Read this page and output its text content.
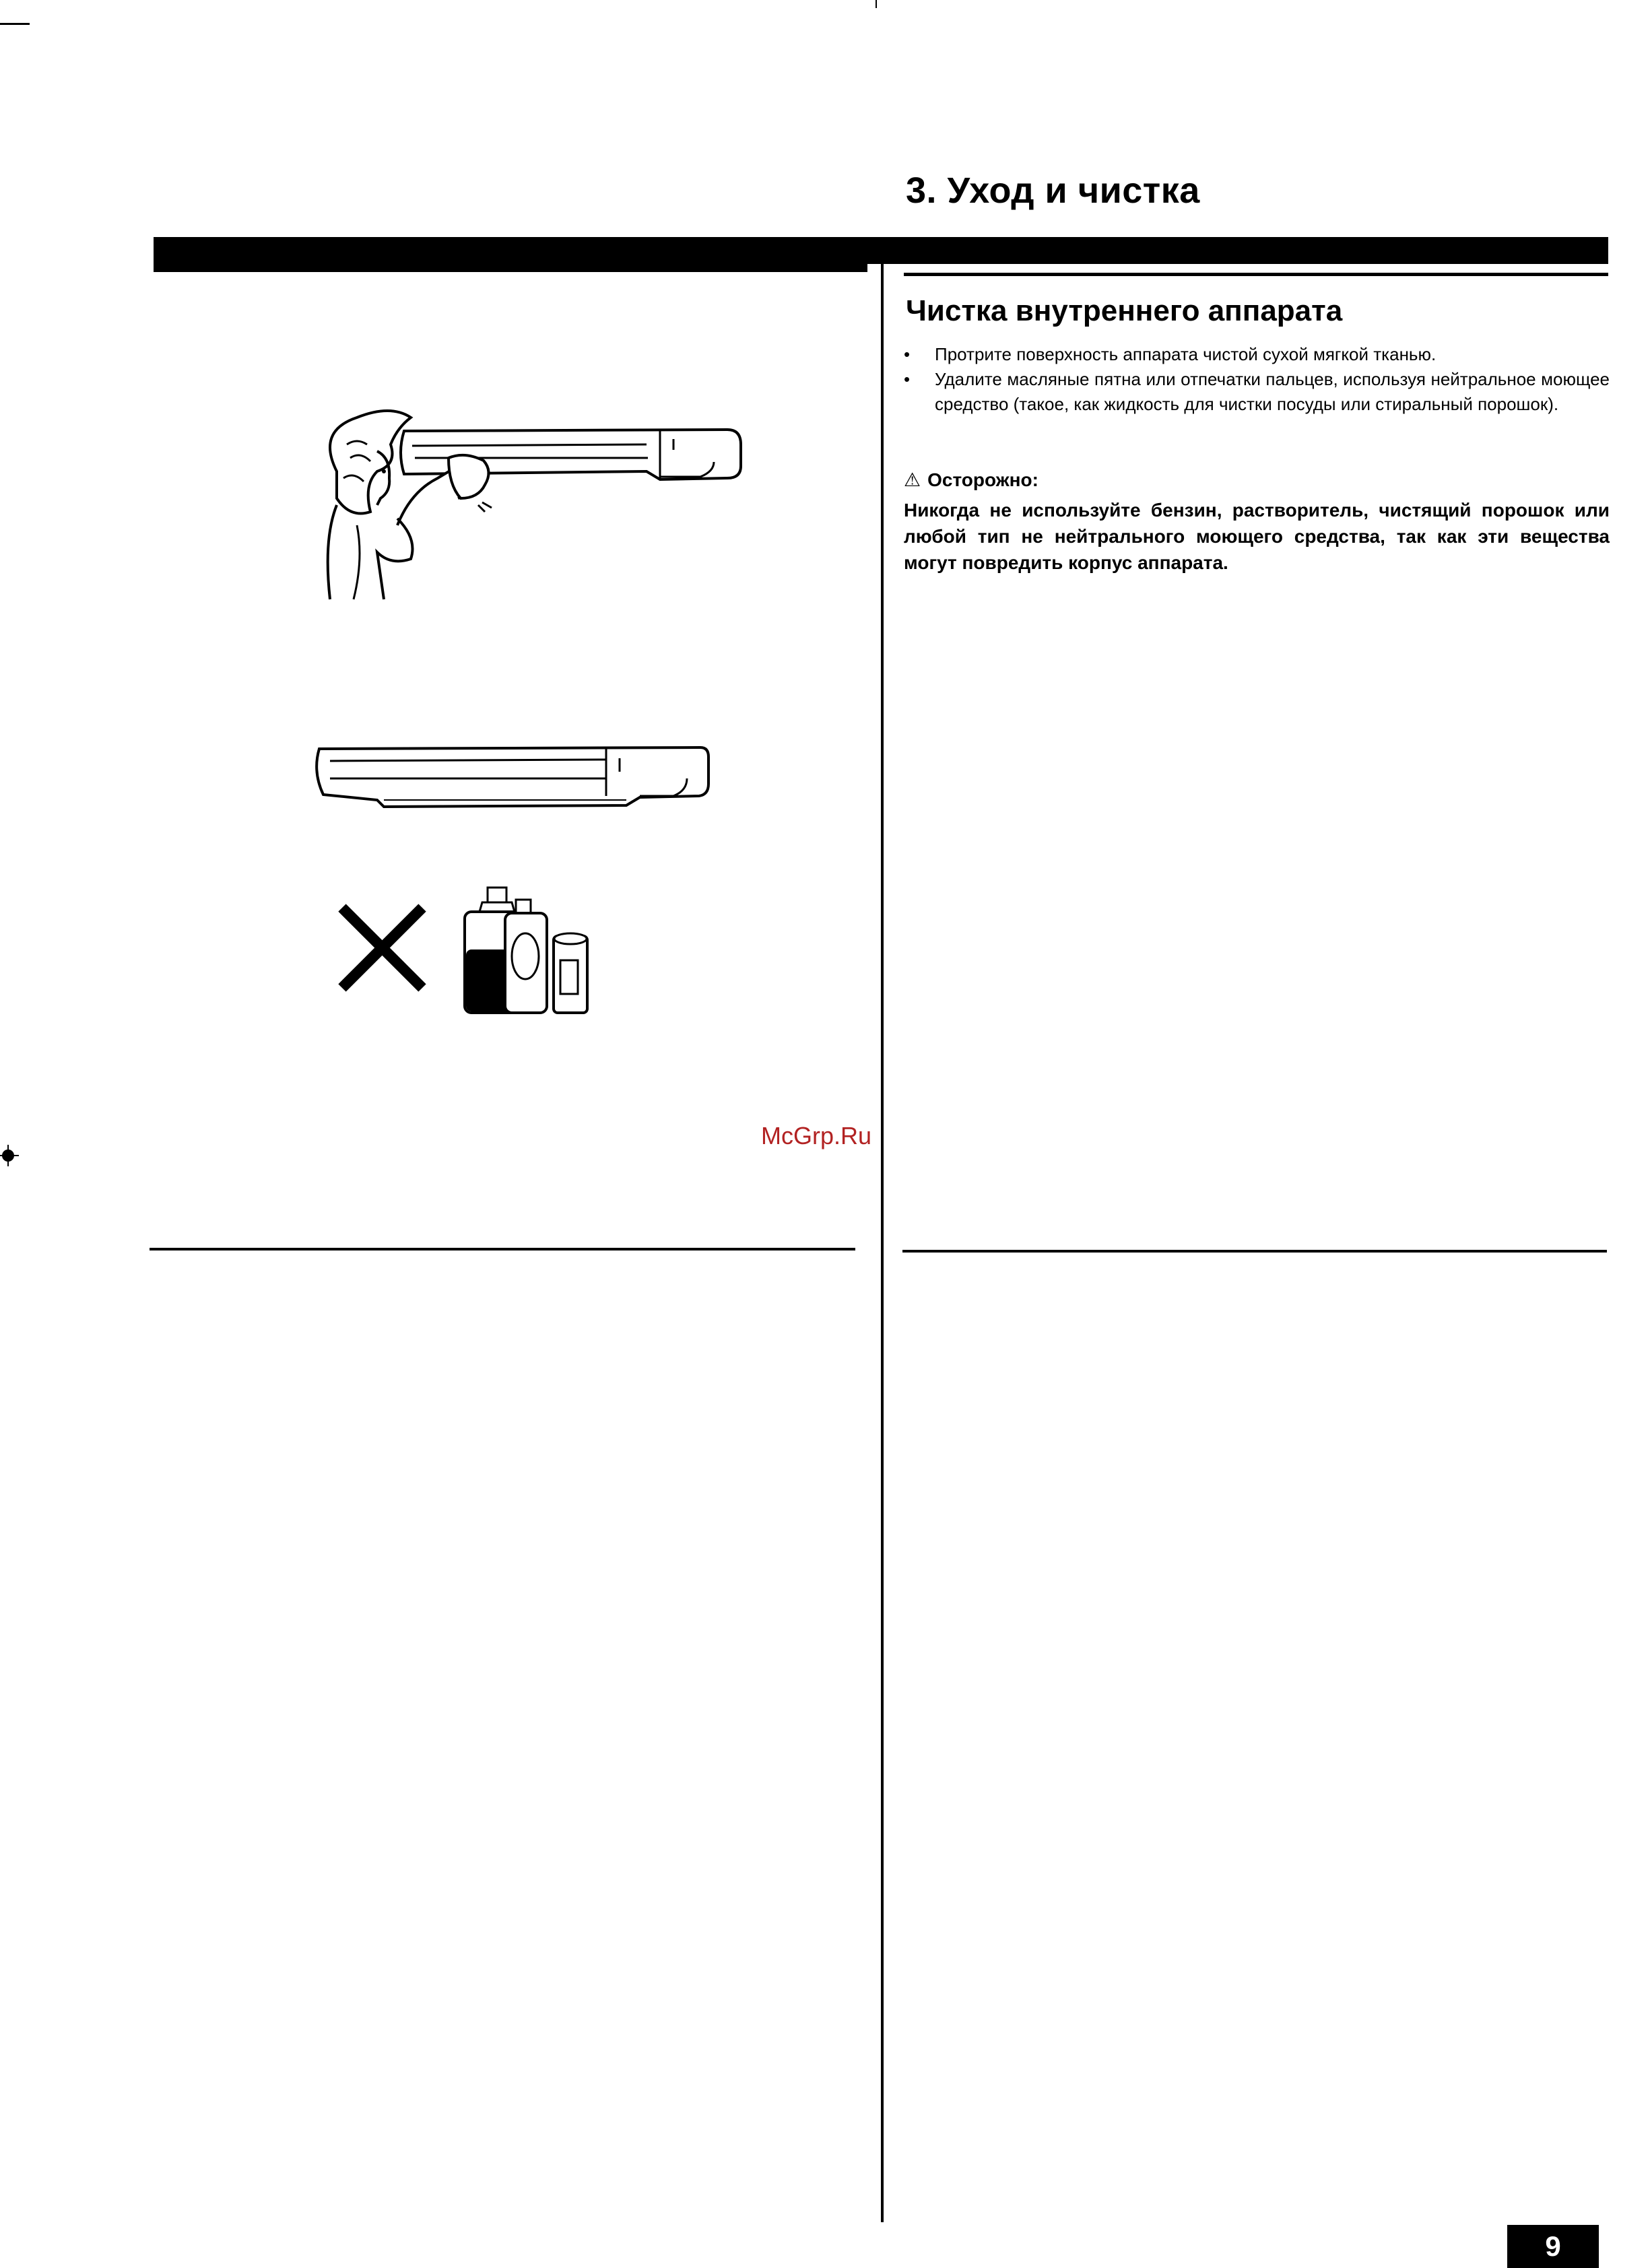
3. Уход и чистка
Чистка внутреннего аппарата
• Протрите поверхность аппарата чистой сухой мягкой тканью.
• Удалите масляные пятна или отпечатки пальцев, используя нейтральное моющее средство (такое, как жидкость для чистки посуды или стиральный порошок).
⚠ Осторожно:
Никогда не используйте бензин, растворитель, чистящий порошок или любой тип не нейтрального моющего средства, так как эти вещества могут повредить корпус аппарата.
McGrp.Ru
9
